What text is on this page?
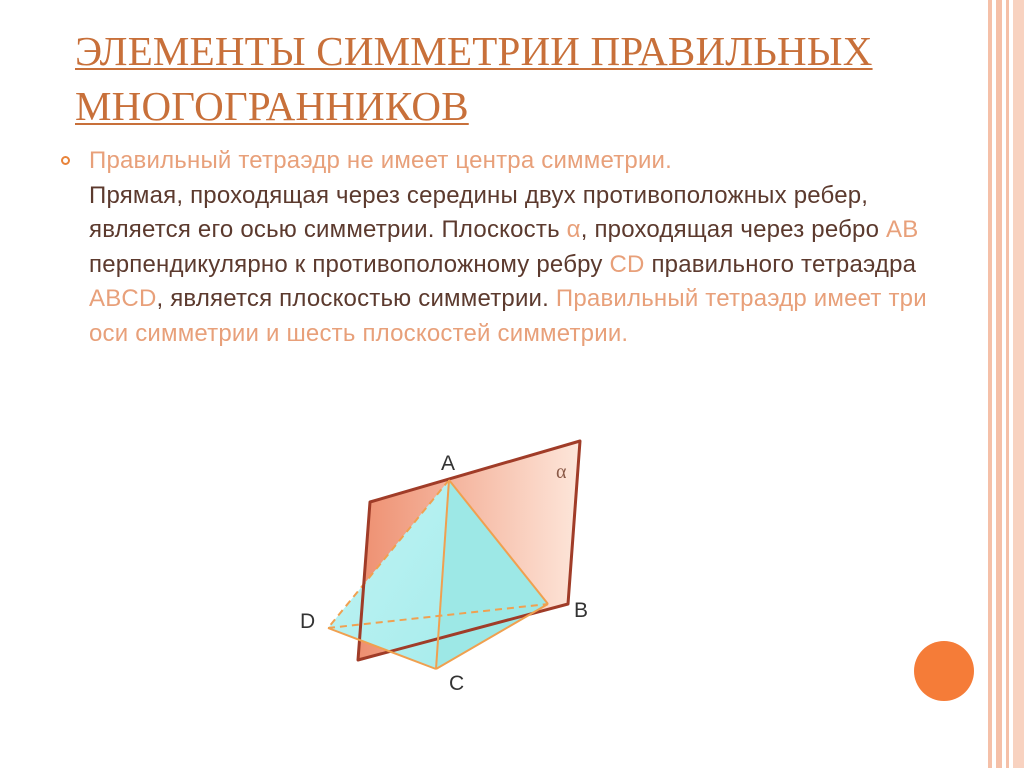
ЭЛЕМЕНТЫ СИММЕТРИИ ПРАВИЛЬНЫХ МНОГОГРАННИКОВ

Правильный тетраэдр не имеет центра симметрии.
Прямая, проходящая через середины двух противоположных ребер, является его осью симметрии. Плоскость α, проходящая через ребро AB перпендикулярно к противоположному ребру CD правильного тетраэдра ABCD, является плоскостью симметрии. Правильный тетраэдр имеет три оси симметрии и шесть плоскостей симметрии.

A
B
C
D
α
